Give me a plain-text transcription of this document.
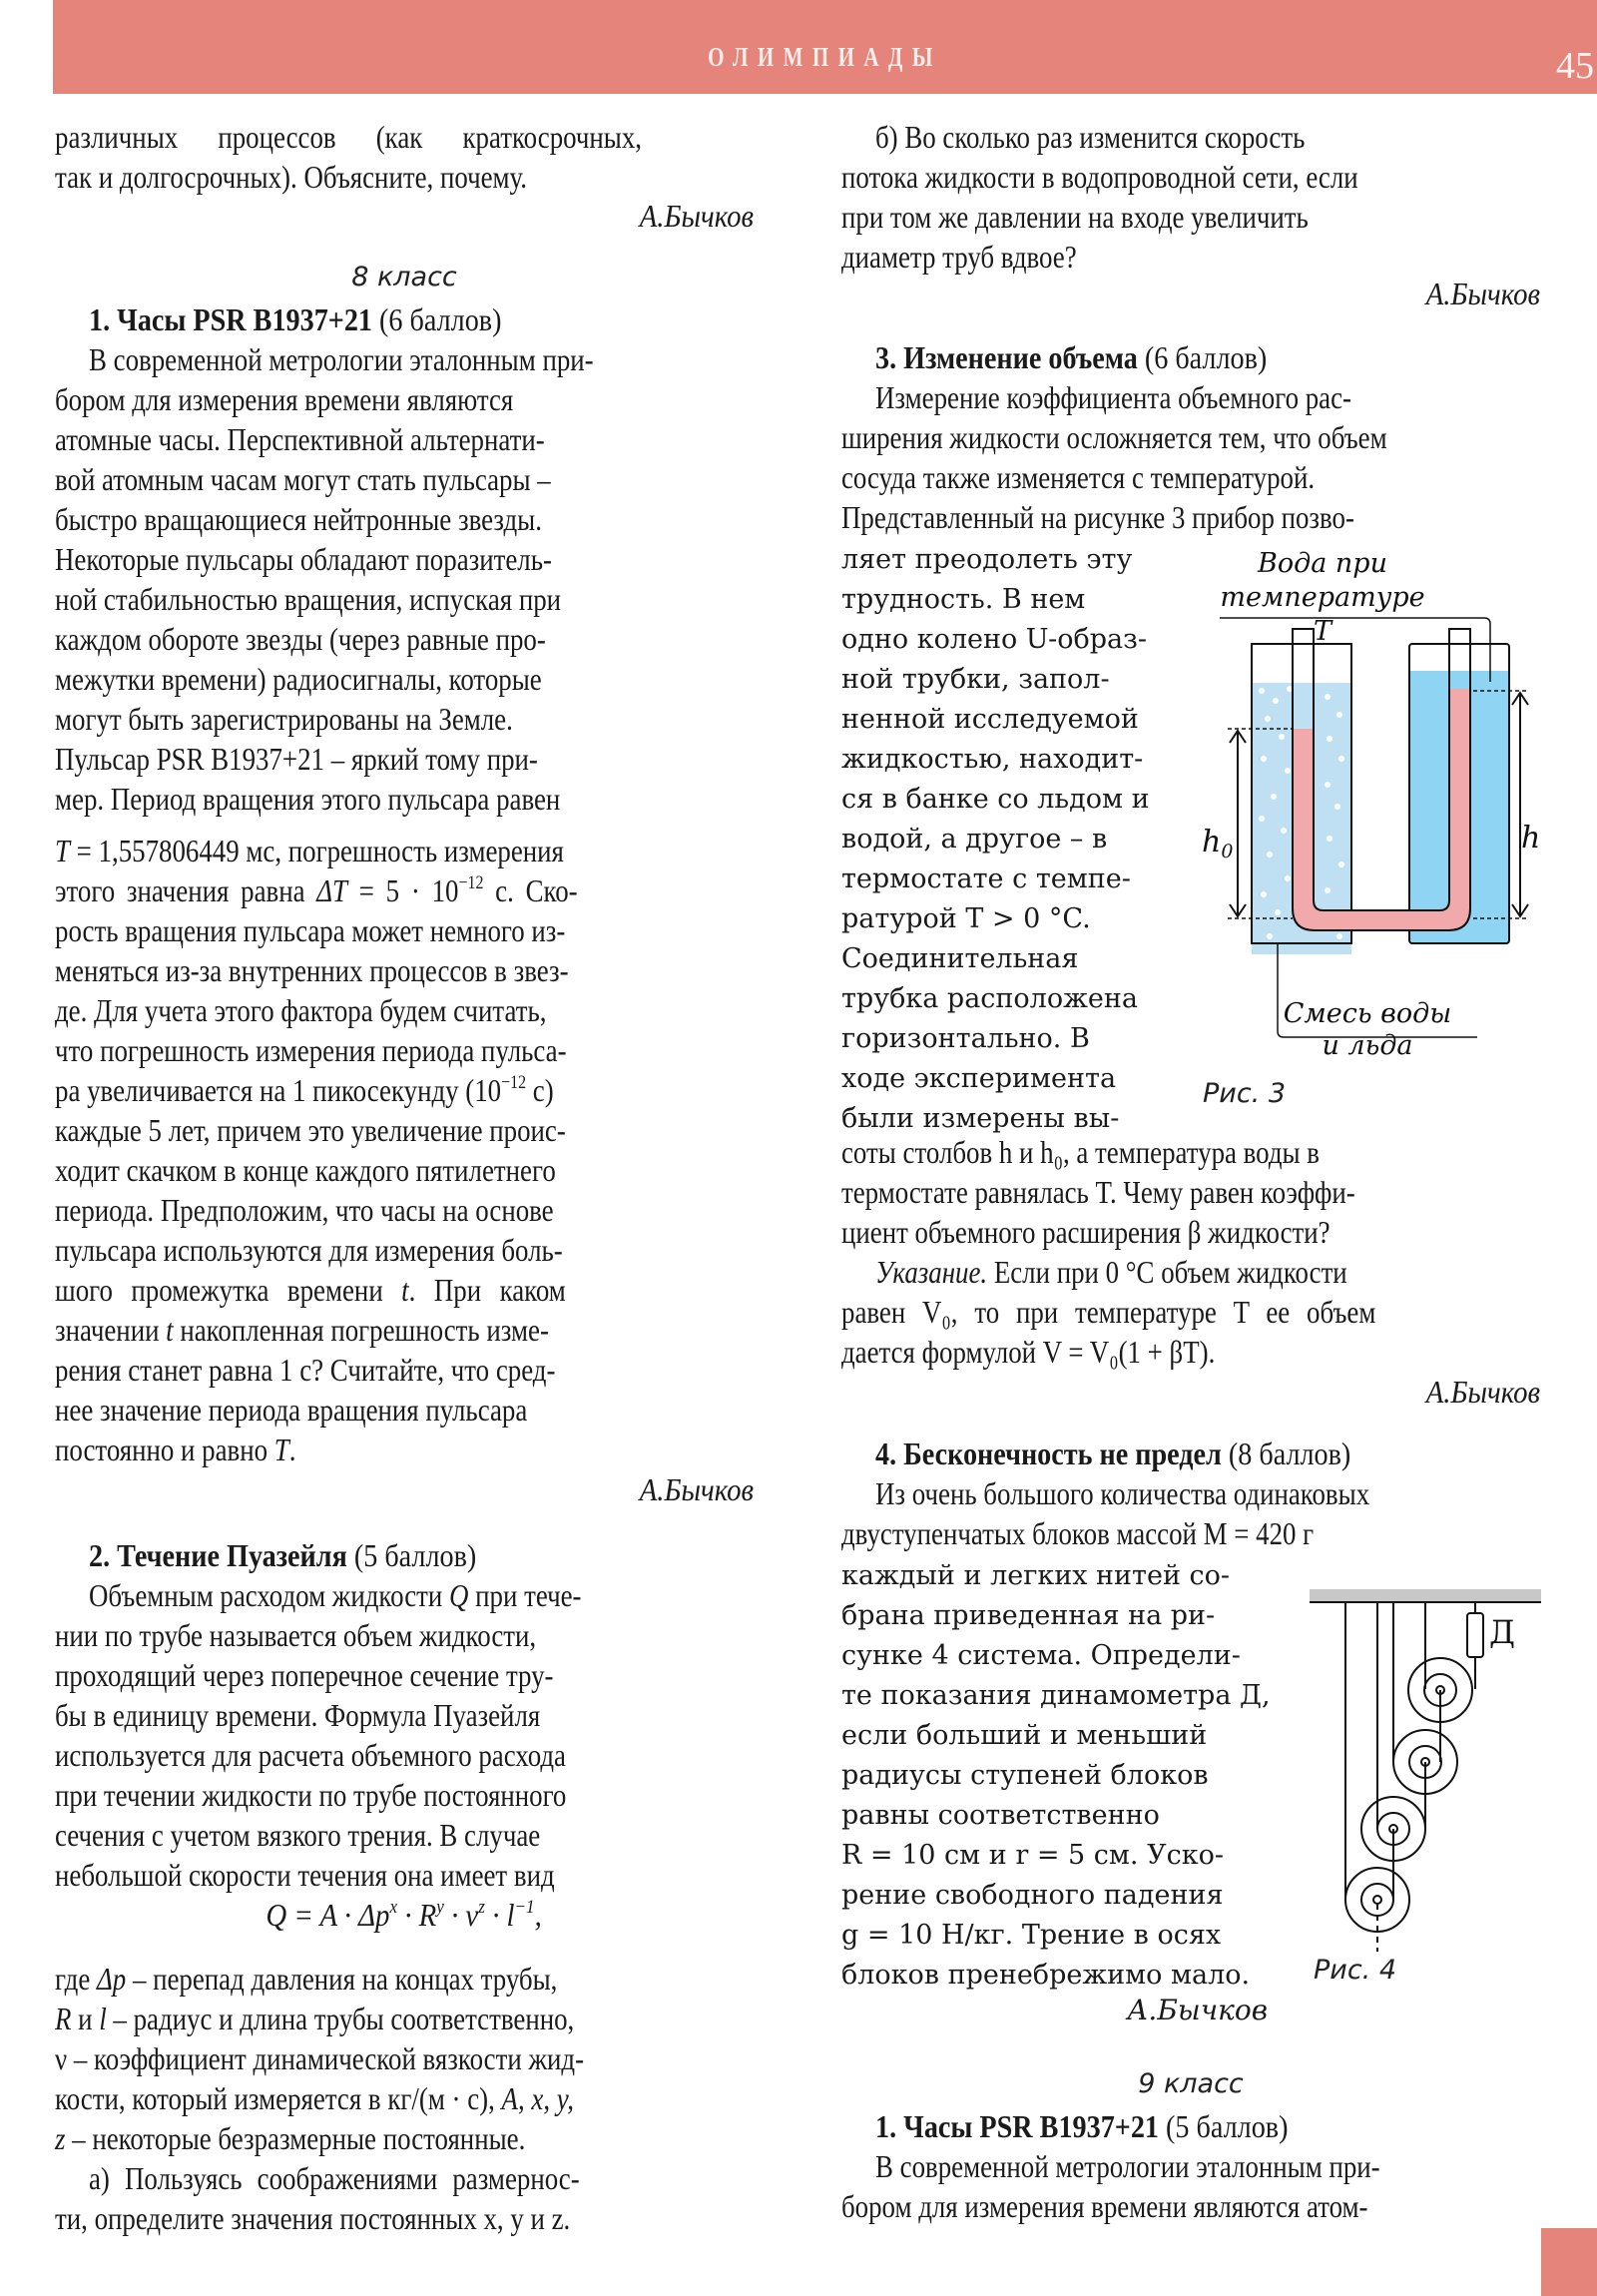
ОЛИМПИАДЫ	45
различных процессов (как краткосрочных,
так и долгосрочных). Объясните, почему.
А.Бычков
8 класс
1. Часы PSR B1937+21 (6 баллов)
В современной метрологии эталонным при-
бором для измерения времени являются
атомные часы. Перспективной альтернати-
вой атомным часам могут стать пульсары –
быстро вращающиеся нейтронные звезды.
Некоторые пульсары обладают поразитель-
ной стабильностью вращения, испуская при
каждом обороте звезды (через равные про-
межутки времени) радиосигналы, которые
могут быть зарегистрированы на Земле.
Пульсар PSR B1937+21 – яркий тому при-
мер. Период вращения этого пульсара равен
T = 1,557806449 мс, погрешность измерения
этого значения равна $\Delta T = 5 \cdot 10^{-12}$ с. Ско-
рость вращения пульсара может немного из-
меняться из-за внутренних процессов в звез-
де. Для учета этого фактора будем считать,
что погрешность измерения периода пульса-
ра увеличивается на 1 пикосекунду ($10^{-12}$ с)
каждые 5 лет, причем это увеличение проис-
ходит скачком в конце каждого пятилетнего
периода. Предположим, что часы на основе
пульсара используются для измерения боль-
шого промежутка времени t. При каком
значении t накопленная погрешность изме-
рения станет равна 1 с? Считайте, что сред-
нее значение периода вращения пульсара
постоянно и равно T.
А.Бычков
2. Течение Пуазейля (5 баллов)
Объемным расходом жидкости Q при тече-
нии по трубе называется объем жидкости,
проходящий через поперечное сечение тру-
бы в единицу времени. Формула Пуазейля
используется для расчета объемного расхода
при течении жидкости по трубе постоянного
сечения с учетом вязкого трения. В случае
небольшой скорости течения она имеет вид
$Q = A \cdot \Delta p^x \cdot R^y \cdot \nu^z \cdot l^{-1}$,
где Δp – перепад давления на концах трубы,
R и l – радиус и длина трубы соответственно,
ν – коэффициент динамической вязкости жид-
кости, который измеряется в кг/(м · с), A, x, y,
z – некоторые безразмерные постоянные.
а) Пользуясь соображениями размернос-
ти, определите значения постоянных x, y и z.
б) Во сколько раз изменится скорость
потока жидкости в водопроводной сети, если
при том же давлении на входе увеличить
диаметр труб вдвое?
А.Бычков
3. Изменение объема (6 баллов)
Измерение коэффициента объемного рас-
ширения жидкости осложняется тем, что объем
сосуда также изменяется с температурой.
Представленный на рисунке 3 прибор позво-
ляет преодолеть эту
трудность. В нем
одно колено U-образ-
ной трубки, запол-
ненной исследуемой
жидкостью, находит-
ся в банке со льдом и
водой, а другое – в
термостате с темпе-
ратурой T > 0 °C.
Соединительная
трубка расположена
горизонтально. В
ходе эксперимента
были измерены вы-
соты столбов h и h₀, а температура воды в
термостате равнялась T. Чему равен коэффи-
циент объемного расширения β жидкости?
Указание. Если при 0 °С объем жидкости
равен V₀, то при температуре T ее объем
дается формулой V = V₀(1 + βT).
А.Бычков
4. Бесконечность не предел (8 баллов)
Из очень большого количества одинаковых
двуступенчатых блоков массой M = 420 г
каждый и легких нитей со-
брана приведенная на ри-
сунке 4 система. Определи-
те показания динамометра Д,
если больший и меньший
радиусы ступеней блоков
равны соответственно
R = 10 см и r = 5 см. Уско-
рение свободного падения
g = 10 Н/кг. Трение в осях
блоков пренебрежимо мало.
А.Бычков
9 класс
1. Часы PSR B1937+21 (5 баллов)
В современной метрологии эталонным при-
бором для измерения времени являются атом-
Вода при
температуре T
Смесь воды
и льда
$h_0$	h
Рис. 3
Д
Рис. 4
